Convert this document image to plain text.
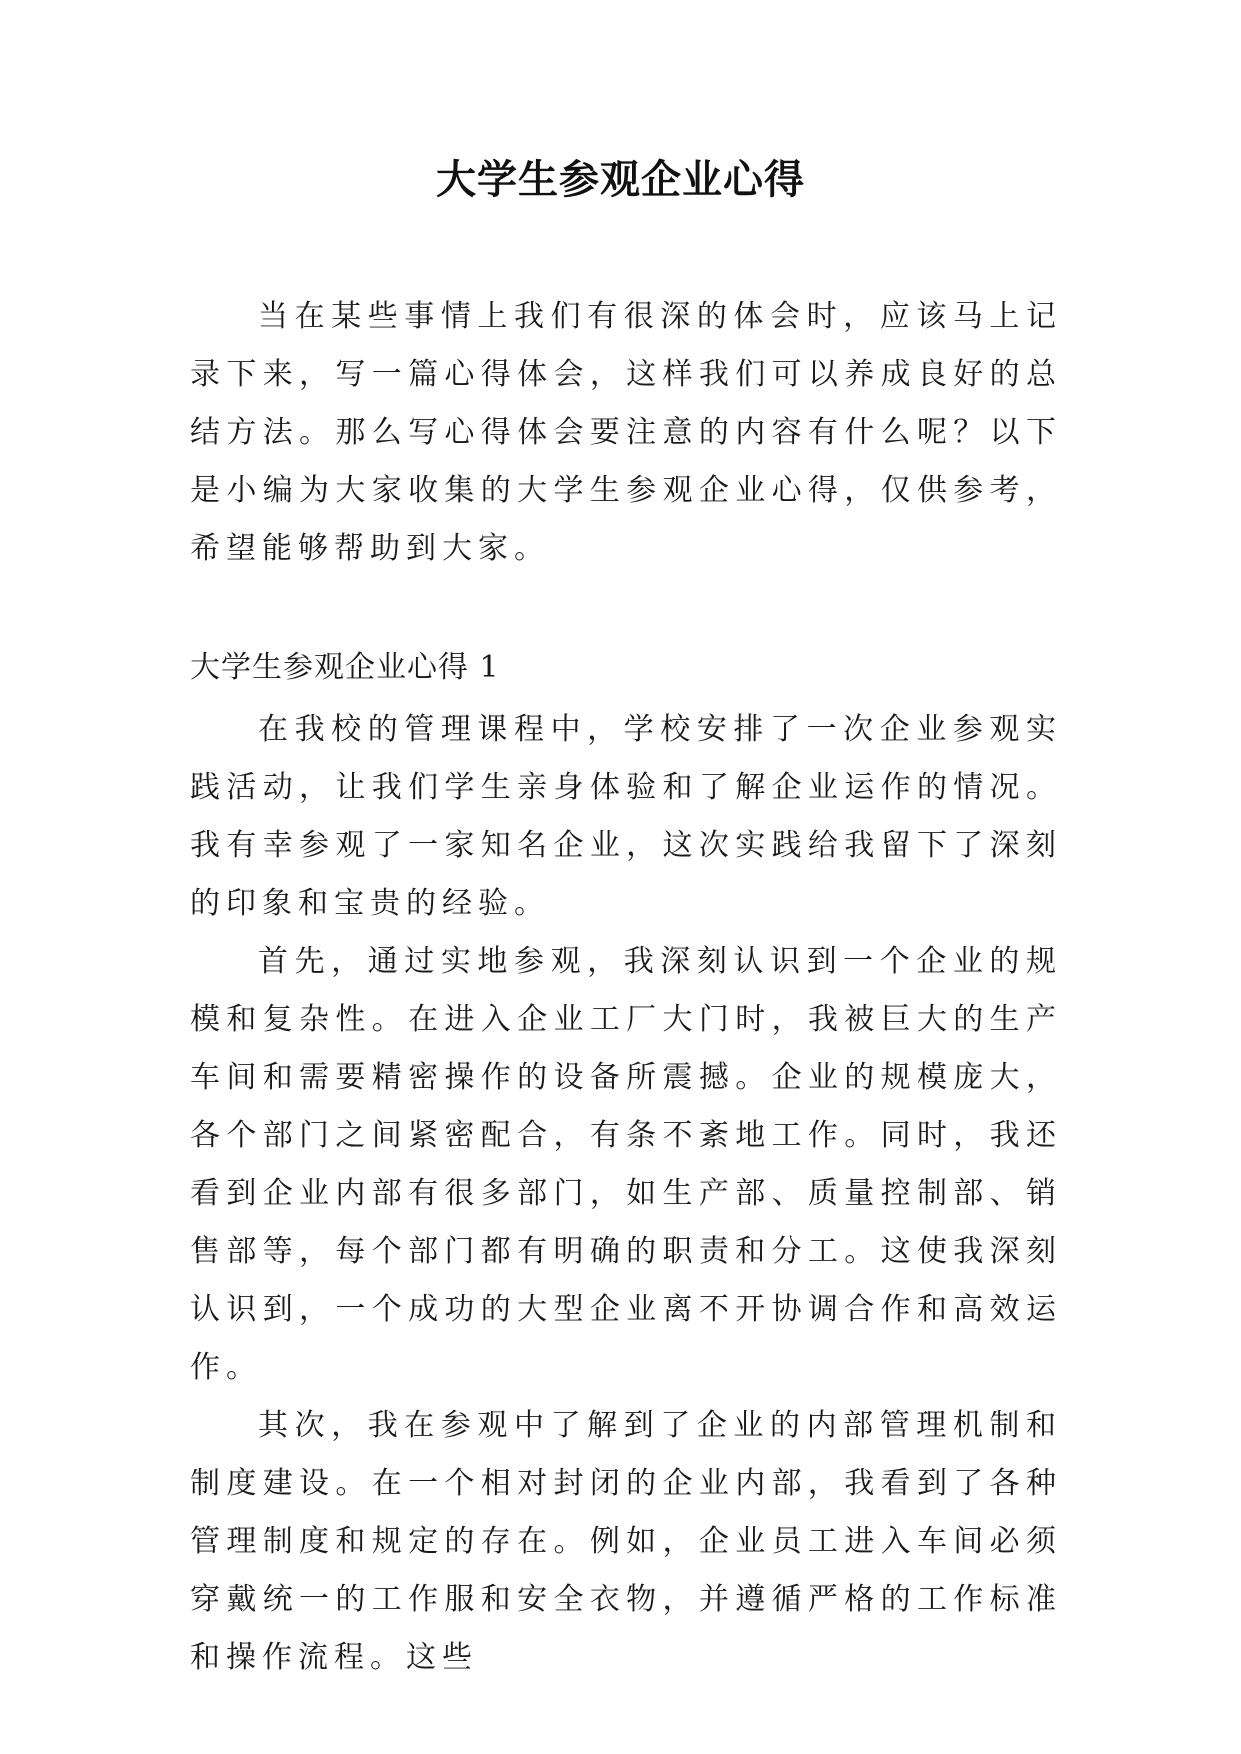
大学生参观企业心得

当在某些事情上我们有很深的体会时，应该马上记录下来，写一篇心得体会，这样我们可以养成良好的总结方法。那么写心得体会要注意的内容有什么呢？以下是小编为大家收集的大学生参观企业心得，仅供参考，希望能够帮助到大家。

大学生参观企业心得 1

在我校的管理课程中，学校安排了一次企业参观实践活动，让我们学生亲身体验和了解企业运作的情况。我有幸参观了一家知名企业，这次实践给我留下了深刻的印象和宝贵的经验。

首先，通过实地参观，我深刻认识到一个企业的规模和复杂性。在进入企业工厂大门时，我被巨大的生产车间和需要精密操作的设备所震撼。企业的规模庞大，各个部门之间紧密配合，有条不紊地工作。同时，我还看到企业内部有很多部门，如生产部、质量控制部、销售部等，每个部门都有明确的职责和分工。这使我深刻认识到，一个成功的大型企业离不开协调合作和高效运作。

其次，我在参观中了解到了企业的内部管理机制和制度建设。在一个相对封闭的企业内部，我看到了各种管理制度和规定的存在。例如，企业员工进入车间必须穿戴统一的工作服和安全衣物，并遵循严格的工作标准和操作流程。这些
